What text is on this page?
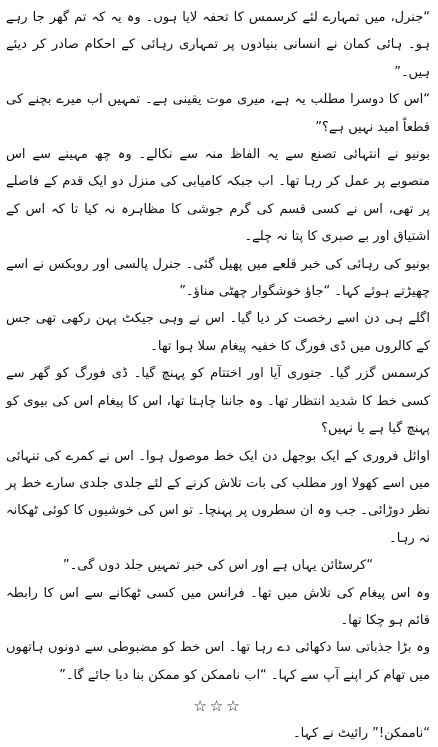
“جنرل، میں تمہارے لئے کرسمس کا تحفہ لایا ہوں۔ وہ یہ کہ تم گھر جا رہے ہو۔ ہائی کمان نے انسانی بنیادوں پر تمہاری رہائی کے احکام صادر کر دیئے ہیں۔”

“اس کا دوسرا مطلب یہ ہے، میری موت یقینی ہے۔ تمہیں اب میرے بچنے کی قطعاً امید نہیں ہے؟”

بونیو نے انتہائی تصنع سے یہ الفاظ منہ سے نکالے۔ وہ چھ مہینے سے اس منصوبے پر عمل کر رہا تھا۔ اب جبکہ کامیابی کی منزل دو ایک قدم کے فاصلے پر تھی، اس نے کسی قسم کی گرم جوشی کا مظاہرہ نہ کیا تا کہ اس کے اشتیاق اور بے صبری کا پتا نہ چلے۔

بونیو کی رہائی کی خبر قلعے میں پھیل گئی۔ جنرل پالسی اور روبکس نے اسے چھیڑتے ہوئے کہا۔ “جاؤ خوشگوار چھٹی مناؤ۔”

اگلے ہی دن اسے رخصت کر دیا گیا۔ اس نے وہی جیکٹ پہن رکھی تھی جس کے کالروں میں ڈی فورگ کا خفیہ پیغام سلا ہوا تھا۔

کرسمس گزر گیا۔ جنوری آیا اور اختتام کو پہنچ گیا۔ ڈی فورگ کو گھر سے کسی خط کا شدید انتظار تھا۔ وہ جاننا چاہتا تھا، اس کا پیغام اس کی بیوی کو پہنچ گیا ہے یا نہیں؟

اوائل فروری کے ایک بوجھل دن ایک خط موصول ہوا۔ اس نے کمرے کی تنہائی میں اسے کھولا اور مطلب کی بات تلاش کرنے کے لئے جلدی جلدی سارے خط پر نظر دوڑائی۔ جب وہ ان سطروں پر پہنچا۔ تو اس کی خوشیوں کا کوئی ٹھکانہ نہ رہا۔

“کرسٹائن یہاں ہے اور اس کی خبر تمہیں جلد دوں گی۔”

وہ اس پیغام کی تلاش میں تھا۔ فرانس میں کسی ٹھکانے سے اس کا رابطہ قائم ہو چکا تھا۔

وہ بڑا جذباتی سا دکھائی دے رہا تھا۔ اس خط کو مضبوطی سے دونوں ہاتھوں میں تھام کر اپنے آپ سے کہا۔ “اب ناممکن کو ممکن بنا دیا جائے گا۔”

☆☆☆

“ناممکن!” رائیٹ نے کہا۔
